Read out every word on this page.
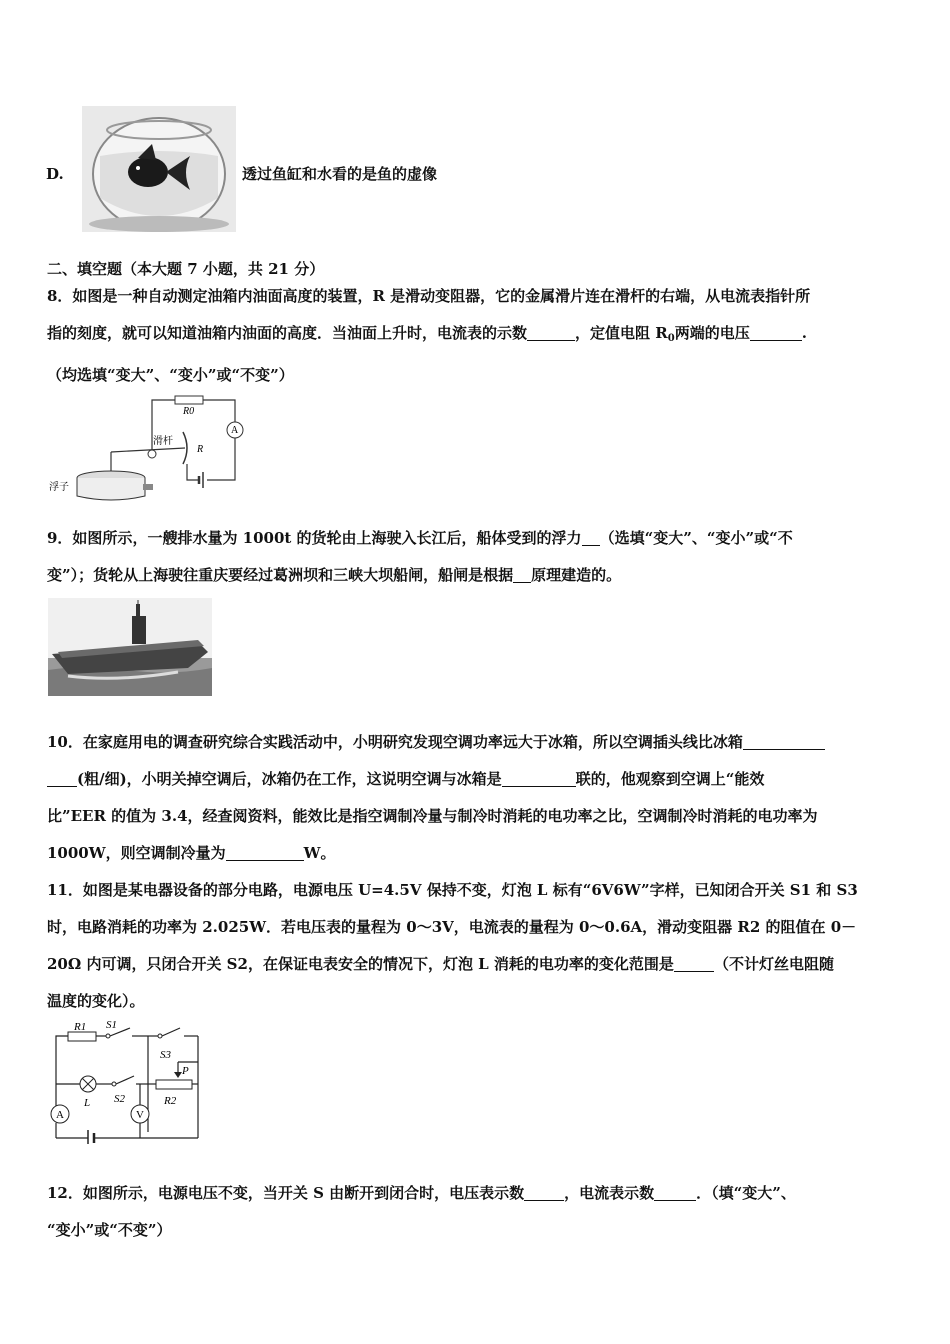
D.	透过鱼缸和水看的是鱼的虚像
二、填空题（本大题 7 小题，共 21 分）
8．如图是一种自动测定油箱内油面高度的装置，R 是滑动变阻器，它的金属滑片连在滑杆的右端，从电流表指针所
指的刻度，就可以知道油箱内油面的高度．当油面上升时，电流表的示数	，定值电阻 $R_0$两端的电压	.
（均选填“变大”、“变小”或“不变”）
R0
A
R
滑杆
浮子
9．如图所示，一艘排水量为 1000t 的货轮由上海驶入长江后，船体受到的浮力 （选填“变大”、“变小”或“不
变”）；货轮从上海驶往重庆要经过葛洲坝和三峡大坝船闸，船闸是根据 原理建造的。
10．在家庭用电的调查研究综合实践活动中，小明研究发现空调功率远大于冰箱，所以空调插头线比冰箱
(粗/细)，小明关掉空调后，冰箱仍在工作，这说明空调与冰箱是	联的，他观察到空调上“能效
比”EER 的值为 3.4，经查阅资料，能效比是指空调制冷量与制冷时消耗的电功率之比，空调制冷时消耗的电功率为
1000W，则空调制冷量为	W。
11．如图是某电器设备的部分电路，电源电压 U=4.5V 保持不变，灯泡 L 标有“6V6W”字样，已知闭合开关 S1 和 S3
时，电路消耗的功率为 2.025W．若电压表的量程为 0～3V，电流表的量程为 0～0.6A，滑动变阻器 R2 的阻值在 0－
20Ω 内可调，只闭合开关 S2，在保证电表安全的情况下，灯泡 L 消耗的电功率的变化范围是	（不计灯丝电阻随
温度的变化）。
R1 S1
S3
P
R2
L S2
A	V
12．如图所示，电源电压不变，当开关 S 由断开到闭合时，电压表示数	，电流表示数	．（填“变大”、
“变小”或“不变”）
